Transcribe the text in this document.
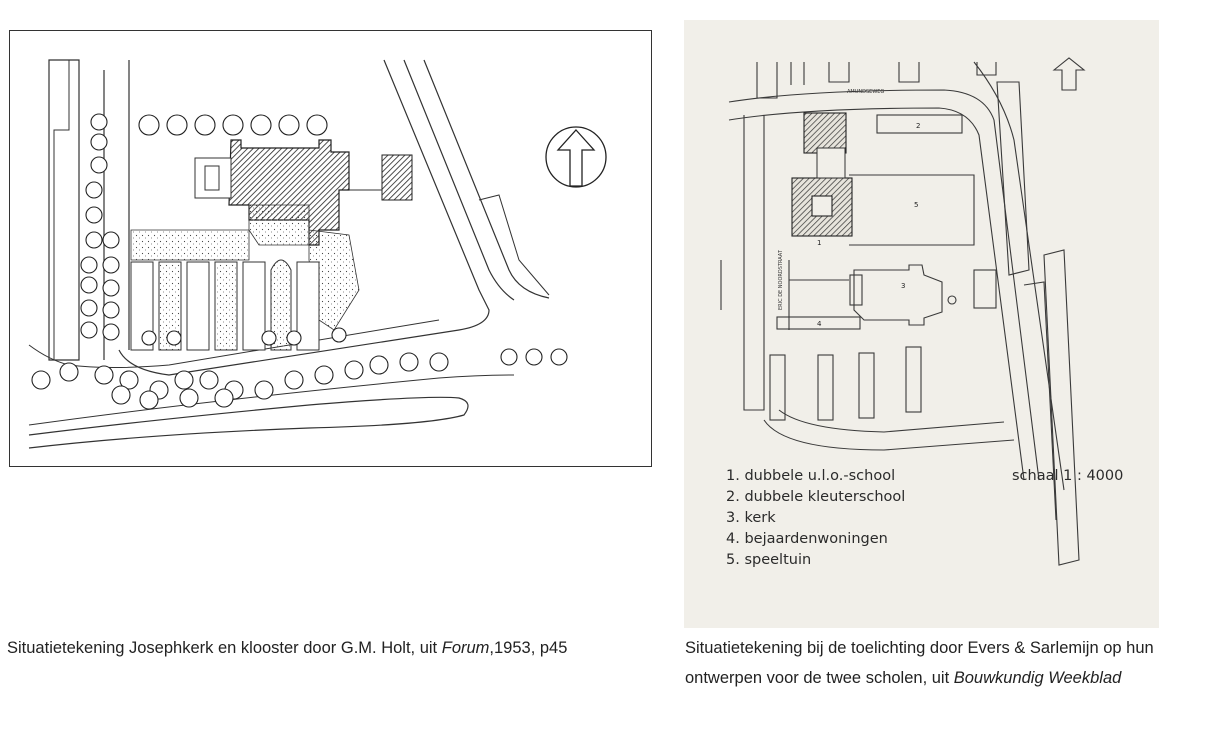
AMUNDSEWEG
ERIC DE NOORDSTRAAT
1
2
3
4
5
1. dubbele u.l.o.-school
2. dubbele kleuterschool
3. kerk
4. bejaardenwoningen
5. speeltuin
schaal 1 : 4000
Situatietekening Josephkerk en klooster door G.M. Holt, uit Forum,1953, p45	Situatietekening bij de toelichting door Evers & Sarlemijn op hun ontwerpen voor de twee scholen, uit Bouwkundig Weekblad
